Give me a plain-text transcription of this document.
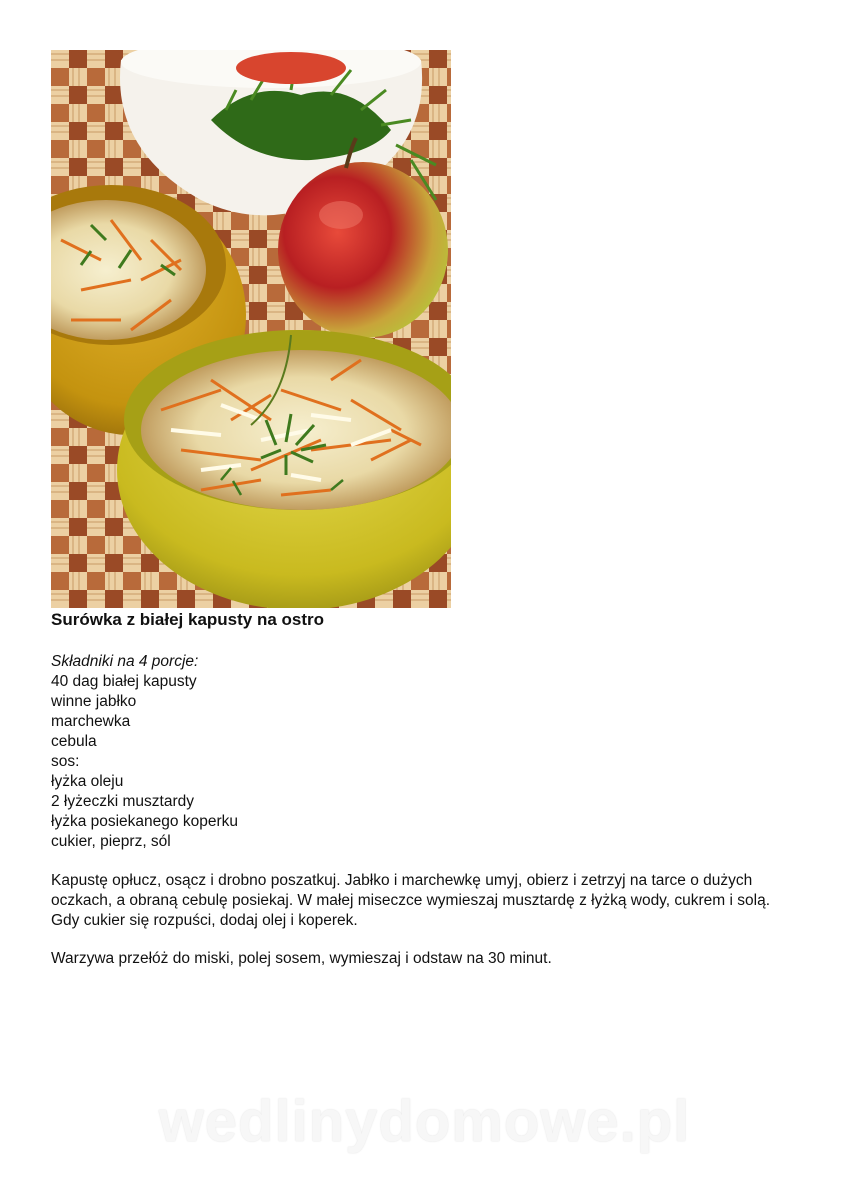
Surówka z białej kapusty na ostro
Składniki na 4 porcje:
40 dag białej kapusty
winne jabłko
marchewka
cebula
sos:
łyżka oleju
2 łyżeczki musztardy
łyżka posiekanego koperku
cukier, pieprz, sól

Kapustę opłucz, osącz i drobno poszatkuj. Jabłko i marchewkę umyj, obierz i zetrzyj na tarce o dużych oczkach, a obraną cebulę posiekaj. W małej miseczce wymieszaj musztardę z łyżką wody, cukrem i solą. Gdy cukier się rozpuści, dodaj olej i koperek.

Warzywa przełóż do miski, polej sosem, wymieszaj i odstaw na 30 minut.

wedlinydomowe.pl
